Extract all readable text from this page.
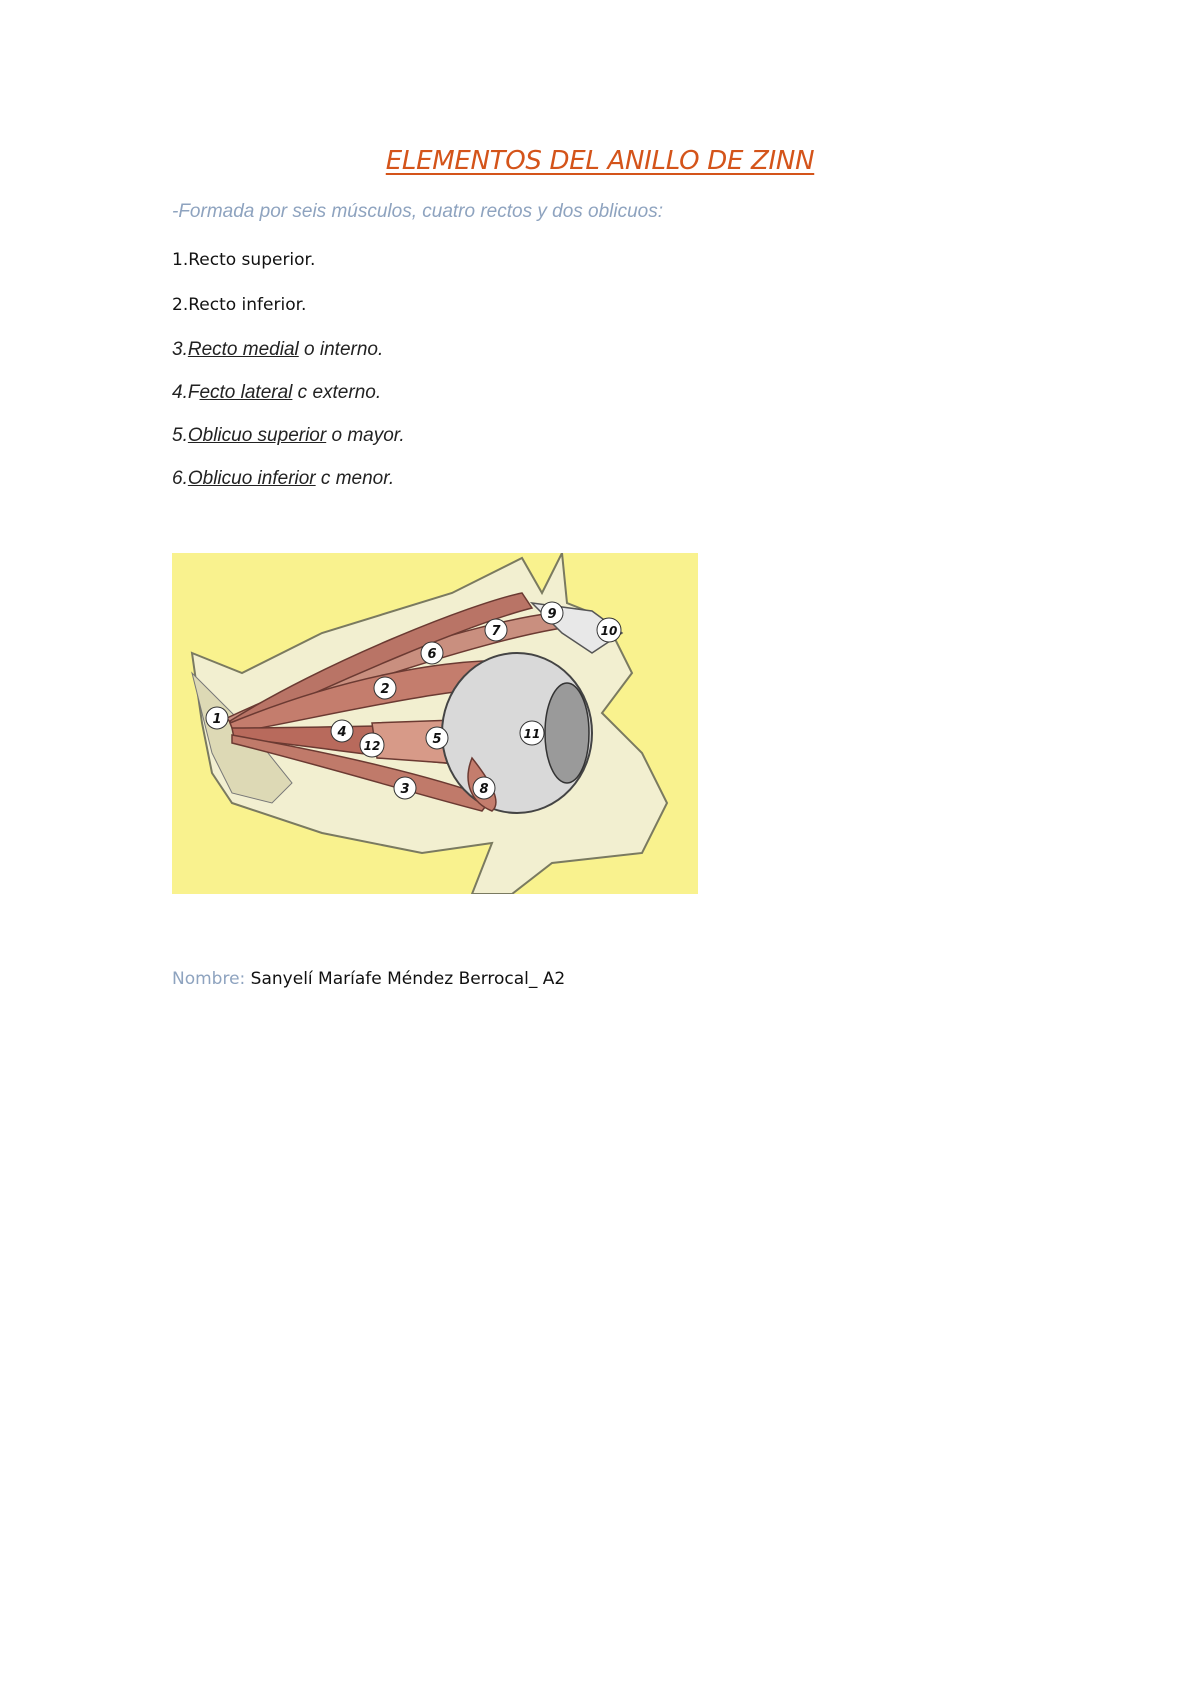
ELEMENTOS DEL ANILLO DE ZINN
-Formada por seis músculos, cuatro rectos y dos oblicuos:
1.Recto superior.
2.Recto inferior.
3.Recto medial o interno.
4.Fecto lateral c externo.
5.Oblicuo superior o mayor.
6.Oblicuo inferior c menor.
1
2
3
4	5
6
7
8
9
10
11
12
Nombre: Sanyelí Maríafe Méndez Berrocal_ A2
